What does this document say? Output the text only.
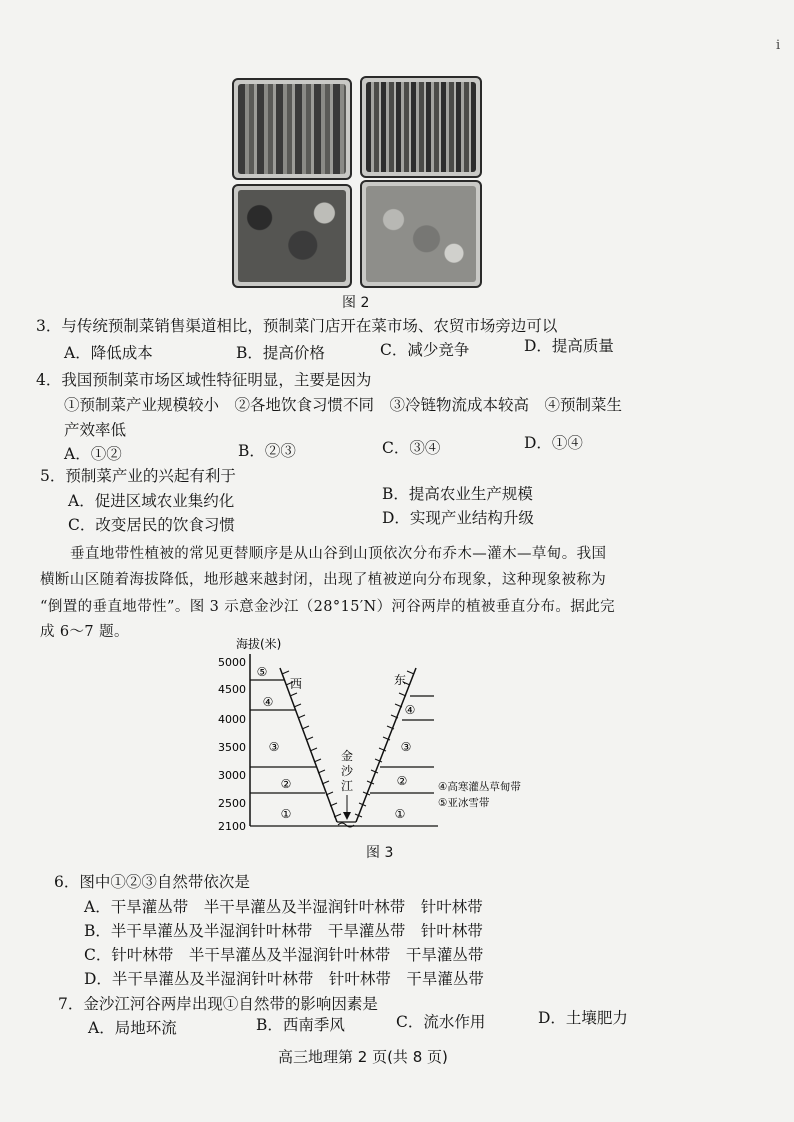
i
图 2
3．与传统预制菜销售渠道相比，预制菜门店开在菜市场、农贸市场旁边可以
A．降低成本	B．提高价格	C．减少竞争	D．提高质量
4．我国预制菜市场区域性特征明显，主要是因为
①预制菜产业规模较小　②各地饮食习惯不同　③冷链物流成本较高　④预制菜生
产效率低
A．①②	B．②③	C．③④	D．①④
5．预制菜产业的兴起有利于
A．促进区域农业集约化	B．提高农业生产规模
C．改变居民的饮食习惯	D．实现产业结构升级
垂直地带性植被的常见更替顺序是从山谷到山顶依次分布乔木—灌木—草甸。我国
横断山区随着海拔降低，地形越来越封闭，出现了植被逆向分布现象，这种现象被称为
“倒置的垂直地带性”。图 3 示意金沙江（28°15′N）河谷两岸的植被垂直分布。据此完
成 6～7 题。
海拔(米)
5000
4500
4000
3500
3000
2500
2100
金
沙
江
西	东
⑤
④
③
②
①
④
③
②
①
④高寒灌丛草甸带
⑤亚冰雪带
图 3
6．图中①②③自然带依次是
A．干旱灌丛带　半干旱灌丛及半湿润针叶林带　针叶林带
B．半干旱灌丛及半湿润针叶林带　干旱灌丛带　针叶林带
C．针叶林带　半干旱灌丛及半湿润针叶林带　干旱灌丛带
D．半干旱灌丛及半湿润针叶林带　针叶林带　干旱灌丛带
7．金沙江河谷两岸出现①自然带的影响因素是
A．局地环流	B．西南季风	C．流水作用	D．土壤肥力
高三地理第 2 页(共 8 页)
